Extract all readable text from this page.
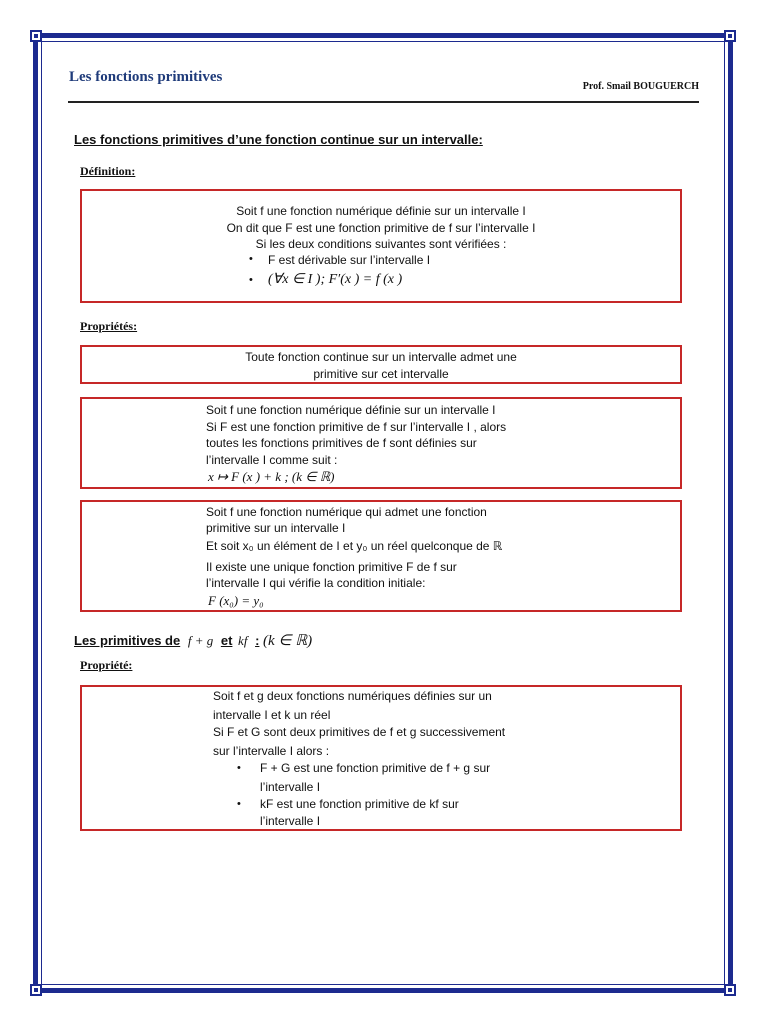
Les fonctions primitives
Prof. Smail BOUGUERCH
Les fonctions primitives d’une fonction continue sur un intervalle:
Définition:
Soit f une fonction numérique définie sur un intervalle I
On dit que F est une fonction primitive de f sur l’intervalle I
Si les deux conditions suivantes sont vérifiées :
• F est dérivable sur l’intervalle I
• (∀x ∈ I ); F′(x ) = f (x )
Propriétés:
Toute fonction continue sur un intervalle admet une
primitive sur cet intervalle
Soit f une fonction numérique définie sur un intervalle I
Si F est une fonction primitive de f sur l’intervalle I , alors
toutes les fonctions primitives de f sont définies sur
l’intervalle I comme suit :
x ↦ F (x ) + k ; (k ∈ ℝ)
Soit f une fonction numérique qui admet une fonction
primitive sur un intervalle I
Et soit x₀ un élément de I et y₀ un réel quelconque de ℝ
Il existe une unique fonction primitive F de f sur
l’intervalle I qui vérifie la condition initiale:
F (x₀) = y₀
Les primitives de f + g et kf : (k ∈ ℝ)
Propriété:
Soit f et g deux fonctions numériques définies sur un
intervalle I et k un réel
Si F et G sont deux primitives de f et g successivement
sur l’intervalle I alors :
• F + G est une fonction primitive de f + g sur
l’intervalle I
• kF est une fonction primitive de kf sur
l’intervalle I
